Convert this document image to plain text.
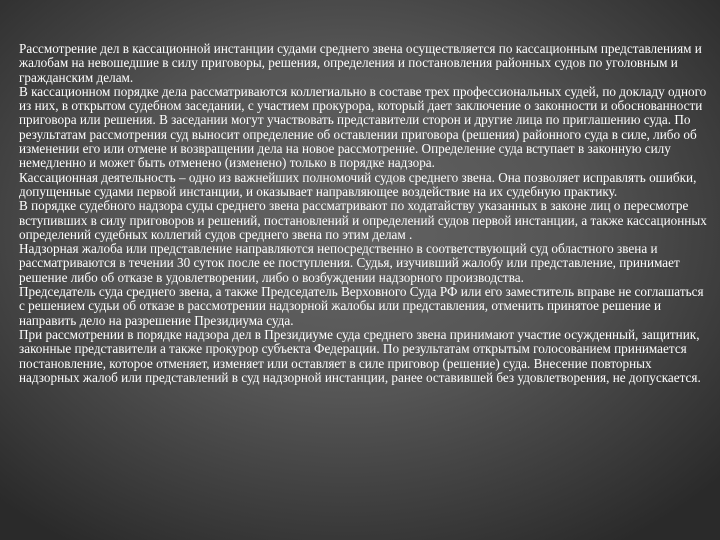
Рассмотрение дел в кассационной инстанции судами среднего звена осуществляется по кассационным представлениям и жалобам на невошедшие в силу приговоры, решения, определения и постановления районных судов по уголовным и гражданским делам.

В кассационном порядке дела рассматриваются коллегиально в составе трех профессиональных судей, по докладу одного из них, в открытом судебном заседании, с участием прокурора, который дает заключение о законности и обоснованности приговора или решения. В заседании могут участвовать представители сторон и другие лица по приглашению суда. По результатам рассмотрения суд выносит определение об оставлении приговора (решения) районного суда в силе, либо об изменении его или отмене и возвращении дела на новое рассмотрение. Определение суда вступает в законную силу немедленно и может быть отменено (изменено) только в порядке надзора.

Кассационная деятельность – одно из важнейших полномочий судов среднего звена. Она позволяет исправлять ошибки, допущенные судами первой инстанции, и оказывает направляющее воздействие на их судебную практику.

В порядке судебного надзора суды среднего звена рассматривают по ходатайству указанных в законе лиц о пересмотре вступивших в силу приговоров и решений, постановлений и определений судов первой инстанции, а также кассационных определений судебных коллегий судов среднего звена по этим делам .

Надзорная жалоба или представление направляются непосредственно в соответствующий суд областного звена и рассматриваются в течении 30 суток после ее поступления. Судья, изучивший жалобу или представление, принимает решение либо об отказе в удовлетворении, либо о возбуждении надзорного производства.

Председатель суда среднего звена, а также Председатель Верховного Суда РФ или его заместитель вправе не соглашаться с решением судьи об отказе в рассмотрении надзорной жалобы или представления, отменить принятое решение и направить дело на разрешение Президиума суда.

При рассмотрении в порядке надзора дел в Президиуме суда среднего звена принимают участие осужденный, защитник, законные представители а также прокурор субъекта Федерации. По результатам открытым голосованием принимается постановление, которое отменяет, изменяет или оставляет в силе приговор (решение) суда. Внесение повторных надзорных жалоб или представлений в суд надзорной инстанции, ранее оставившей без удовлетворения, не допускается.
